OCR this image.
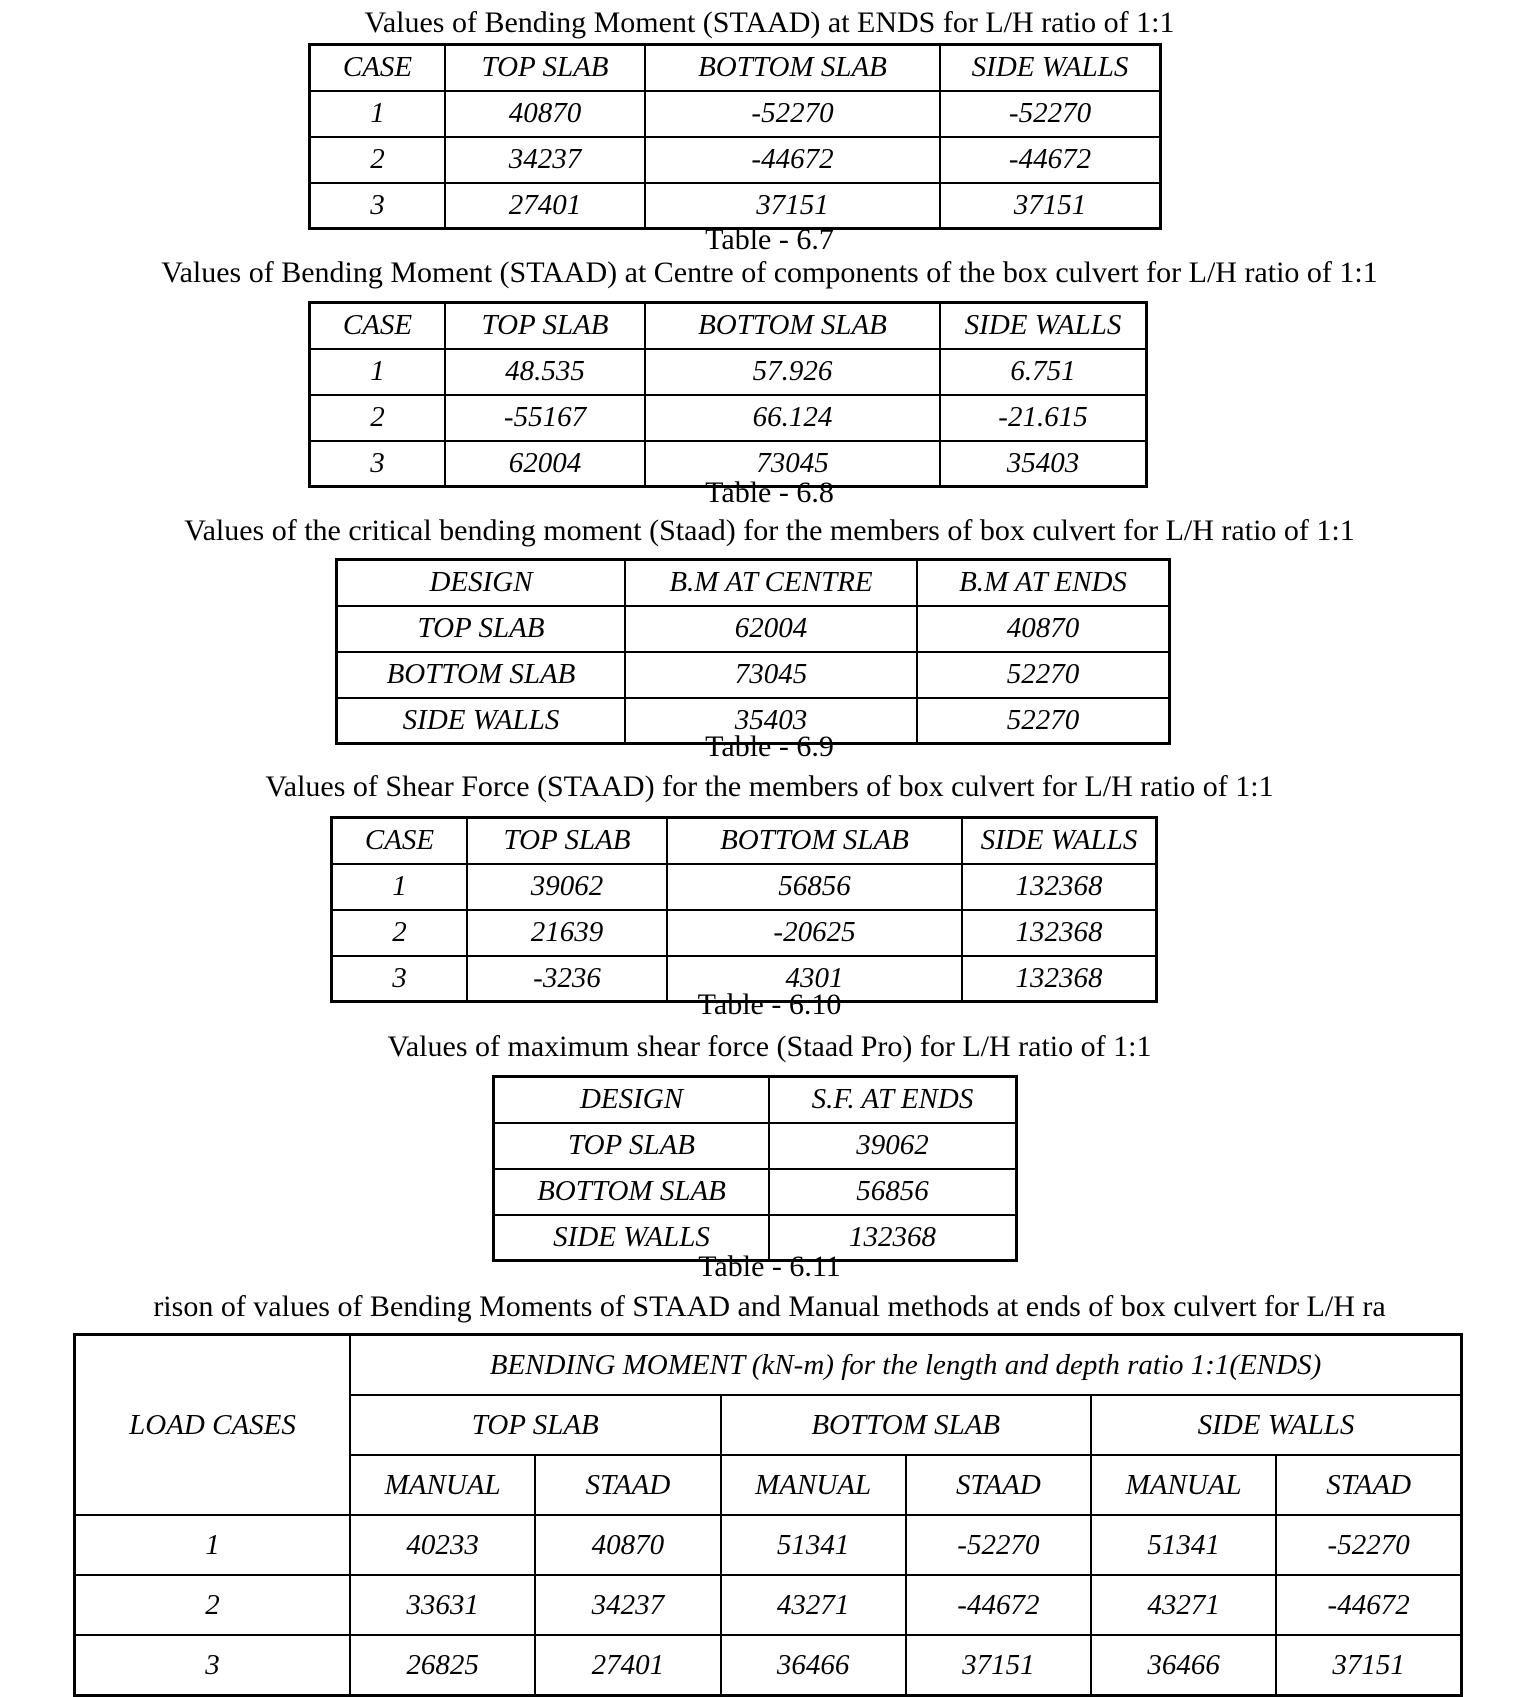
Values of Bending Moment (STAAD) at ENDS for L/H ratio of 1:1
CASE	TOP SLAB	BOTTOM SLAB	SIDE WALLS
1	40870	-52270	-52270
2	34237	-44672	-44672
3	27401	37151	37151
Table - 6.7
Values of Bending Moment (STAAD) at Centre of components of the box culvert for L/H ratio of 1:1
CASE	TOP SLAB	BOTTOM SLAB	SIDE WALLS
1	48.535	57.926	6.751
2	-55167	66.124	-21.615
3	62004	73045	35403
Table - 6.8
Values of the critical bending moment (Staad) for the members of box culvert for L/H ratio of 1:1
DESIGN	B.M AT CENTRE	B.M AT ENDS
TOP SLAB	62004	40870
BOTTOM SLAB	73045	52270
SIDE WALLS	35403	52270
Table - 6.9
Values of Shear Force (STAAD) for the members of box culvert for L/H ratio of 1:1
CASE	TOP SLAB	BOTTOM SLAB	SIDE WALLS
1	39062	56856	132368
2	21639	-20625	132368
3	-3236	4301	132368
Table - 6.10
Values of maximum shear force (Staad Pro) for L/H ratio of 1:1
DESIGN	S.F. AT ENDS
TOP SLAB	39062
BOTTOM SLAB	56856
SIDE WALLS	132368
Table - 6.11
rison of values of Bending Moments of STAAD and Manual methods at ends of box culvert for L/H ra
LOAD CASES	BENDING MOMENT (kN-m) for the length and depth ratio 1:1(ENDS)					
	TOP SLAB		BOTTOM SLAB		SIDE WALLS	
	MANUAL	STAAD	MANUAL	STAAD	MANUAL	STAAD
1	40233	40870	51341	-52270	51341	-52270
2	33631	34237	43271	-44672	43271	-44672
3	26825	27401	36466	37151	36466	37151
